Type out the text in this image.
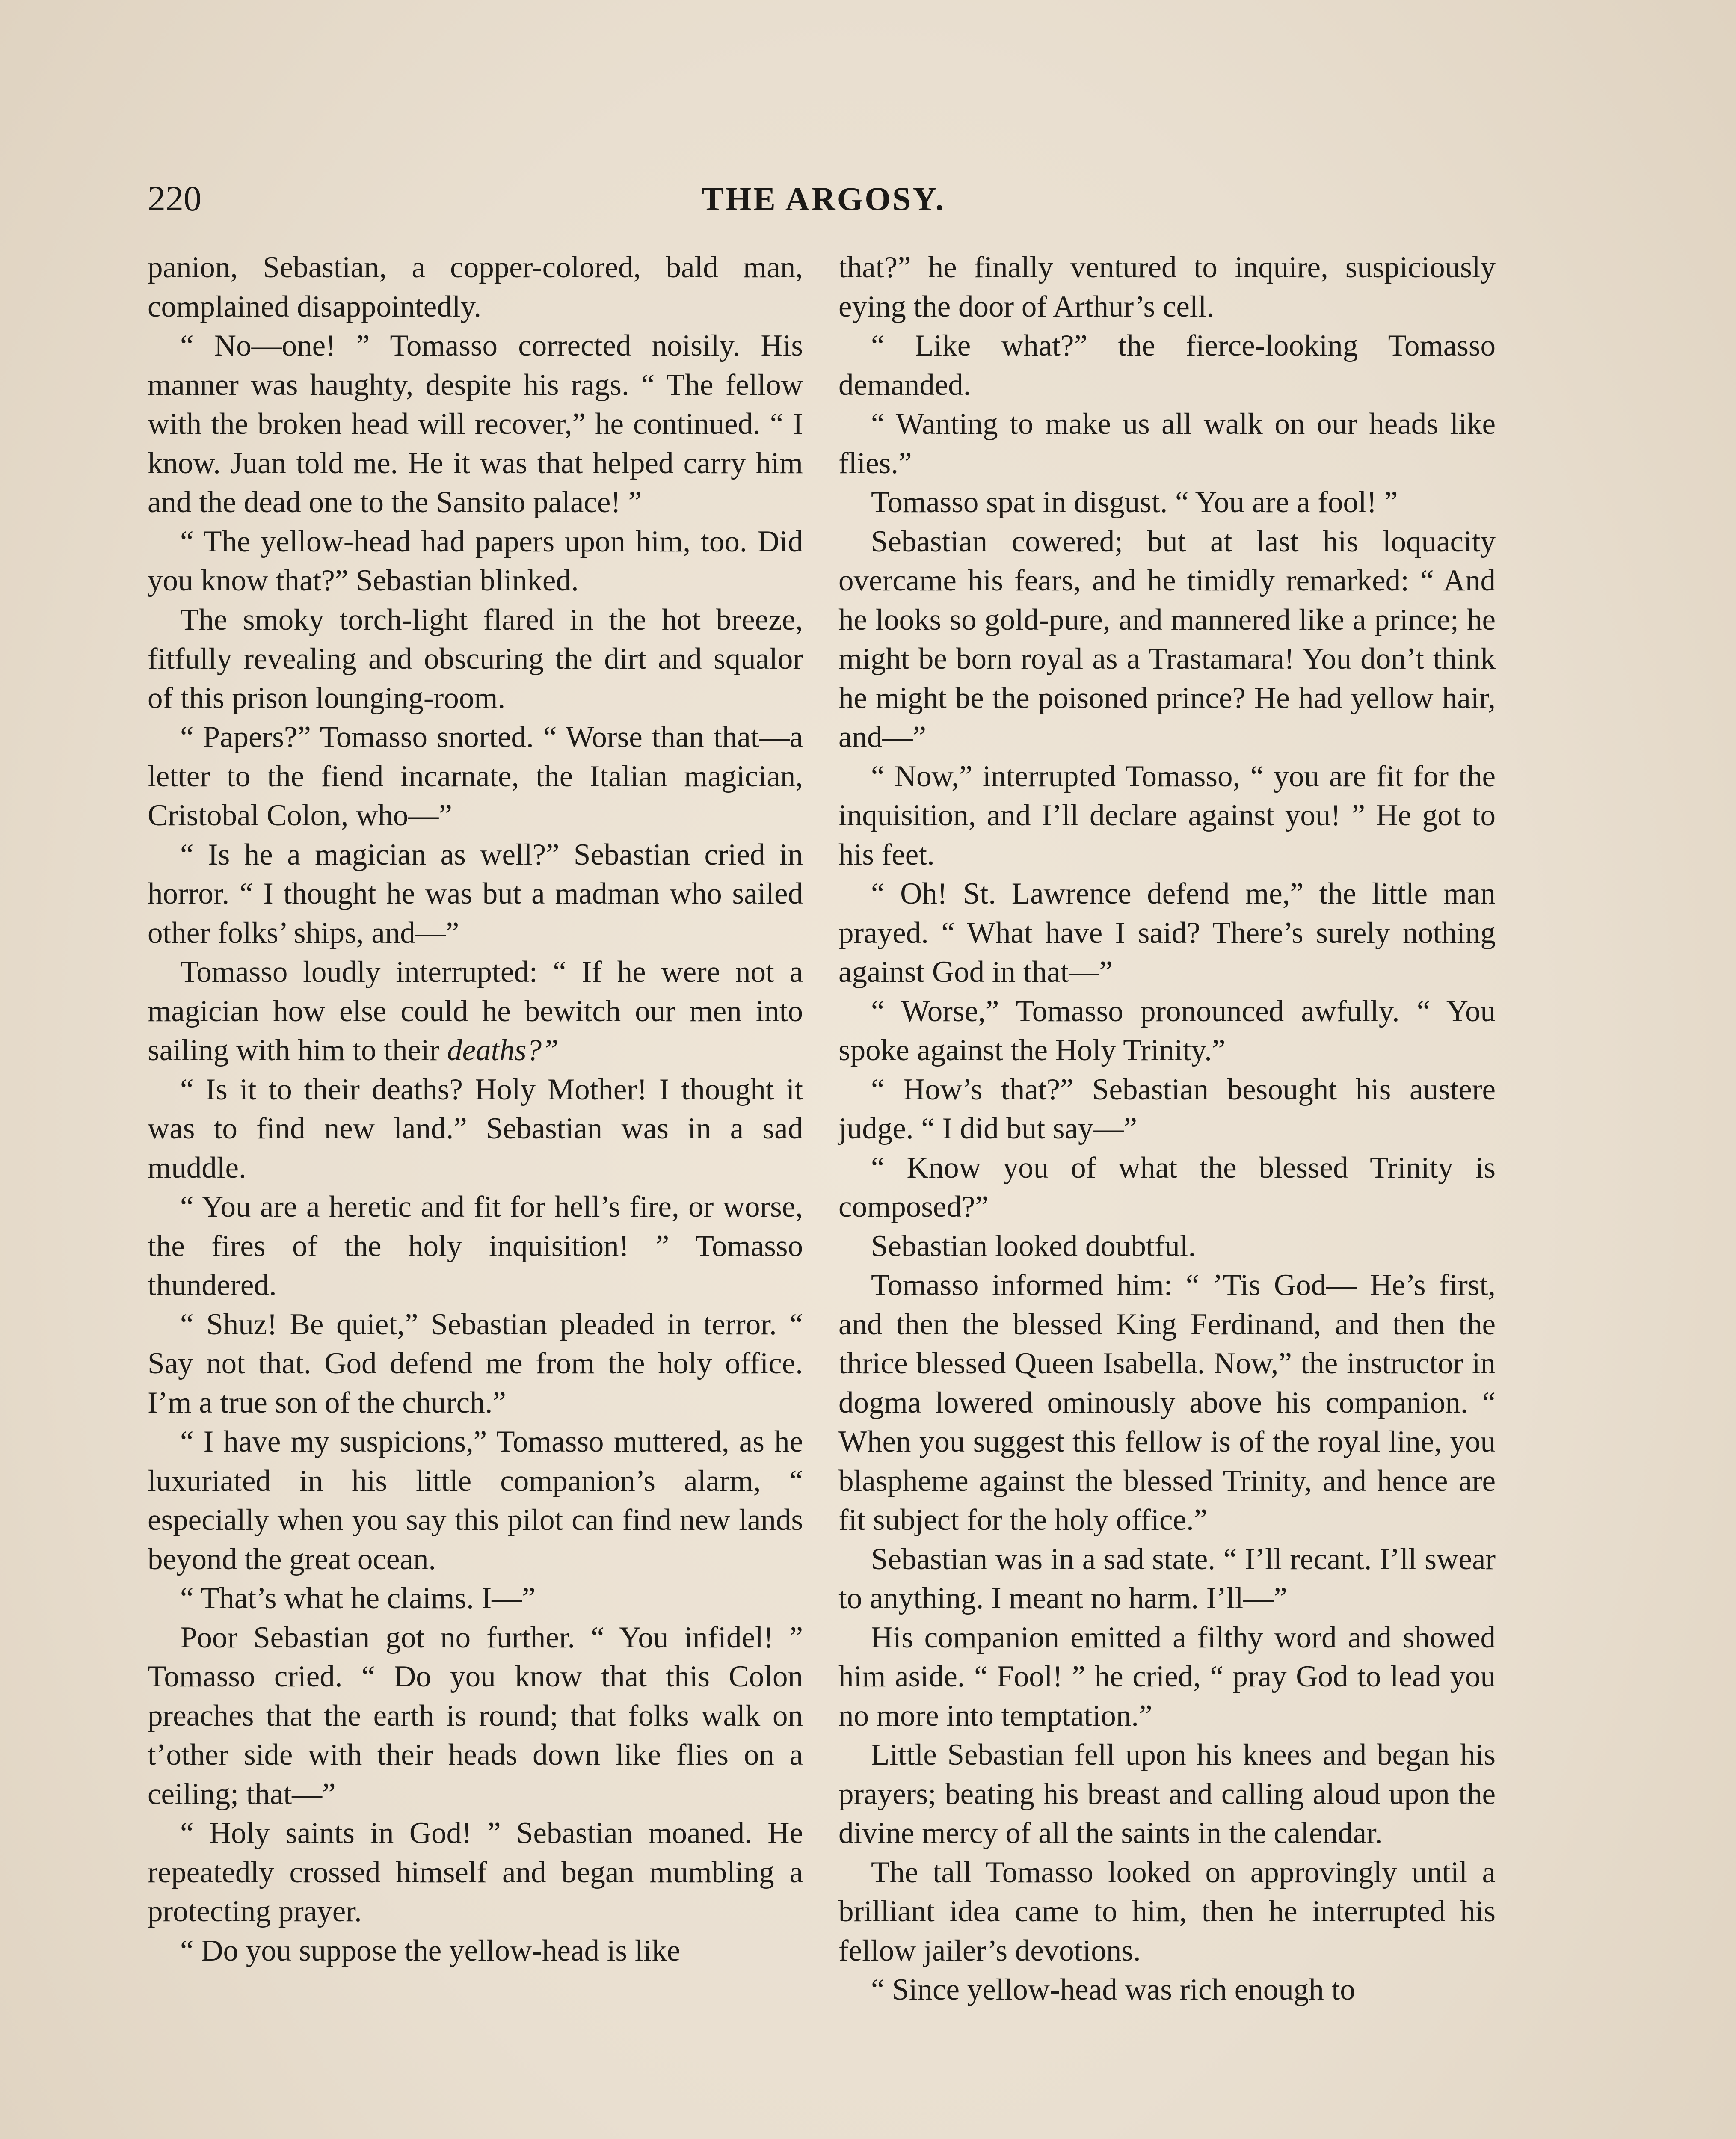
220	THE ARGOSY.

panion, Sebastian, a copper-colored, bald man, complained disappointedly.

“ No—one! ” Tomasso corrected noisily. His manner was haughty, despite his rags. “ The fellow with the broken head will recover,” he continued. “ I know. Juan told me. He it was that helped carry him and the dead one to the Sansito palace! ”

“ The yellow-head had papers upon him, too. Did you know that?” Sebastian blinked.

The smoky torch-light flared in the hot breeze, fitfully revealing and obscuring the dirt and squalor of this prison lounging-room.

“ Papers?” Tomasso snorted. “ Worse than that—a letter to the fiend incarnate, the Italian magician, Cristobal Colon, who—”

“ Is he a magician as well?” Sebastian cried in horror. “ I thought he was but a madman who sailed other folks’ ships, and—”

Tomasso loudly interrupted: “ If he were not a magician how else could he bewitch our men into sailing with him to their deaths?”

“ Is it to their deaths? Holy Mother! I thought it was to find new land.” Sebastian was in a sad muddle.

“ You are a heretic and fit for hell’s fire, or worse, the fires of the holy inquisition! ” Tomasso thundered.

“ Shuz! Be quiet,” Sebastian pleaded in terror. “ Say not that. God defend me from the holy office. I’m a true son of the church.”

“ I have my suspicions,” Tomasso muttered, as he luxuriated in his little companion’s alarm, “ especially when you say this pilot can find new lands beyond the great ocean.

“ That’s what he claims. I—”

Poor Sebastian got no further. “ You infidel! ” Tomasso cried. “ Do you know that this Colon preaches that the earth is round; that folks walk on t’other side with their heads down like flies on a ceiling; that—”

“ Holy saints in God! ” Sebastian moaned. He repeatedly crossed himself and began mumbling a protecting prayer.

“ Do you suppose the yellow-head is like

that?” he finally ventured to inquire, suspiciously eying the door of Arthur’s cell.

“ Like what?” the fierce-looking Tomasso demanded.

“ Wanting to make us all walk on our heads like flies.”

Tomasso spat in disgust. “ You are a fool! ”

Sebastian cowered; but at last his loquacity overcame his fears, and he timidly remarked: “ And he looks so gold-pure, and mannered like a prince; he might be born royal as a Trastamara! You don’t think he might be the poisoned prince? He had yellow hair, and—”

“ Now,” interrupted Tomasso, “ you are fit for the inquisition, and I’ll declare against you! ” He got to his feet.

“ Oh! St. Lawrence defend me,” the little man prayed. “ What have I said? There’s surely nothing against God in that—”

“ Worse,” Tomasso pronounced awfully. “ You spoke against the Holy Trinity.”

“ How’s that?” Sebastian besought his austere judge. “ I did but say—”

“ Know you of what the blessed Trinity is composed?”

Sebastian looked doubtful.

Tomasso informed him: “ ’Tis God— He’s first, and then the blessed King Ferdinand, and then the thrice blessed Queen Isabella. Now,” the instructor in dogma lowered ominously above his companion. “ When you suggest this fellow is of the royal line, you blaspheme against the blessed Trinity, and hence are fit subject for the holy office.”

Sebastian was in a sad state. “ I’ll recant. I’ll swear to anything. I meant no harm. I’ll—”

His companion emitted a filthy word and showed him aside. “ Fool! ” he cried, “ pray God to lead you no more into temptation.”

Little Sebastian fell upon his knees and began his prayers; beating his breast and calling aloud upon the divine mercy of all the saints in the calendar.

The tall Tomasso looked on approvingly until a brilliant idea came to him, then he interrupted his fellow jailer’s devotions.

“ Since yellow-head was rich enough to
